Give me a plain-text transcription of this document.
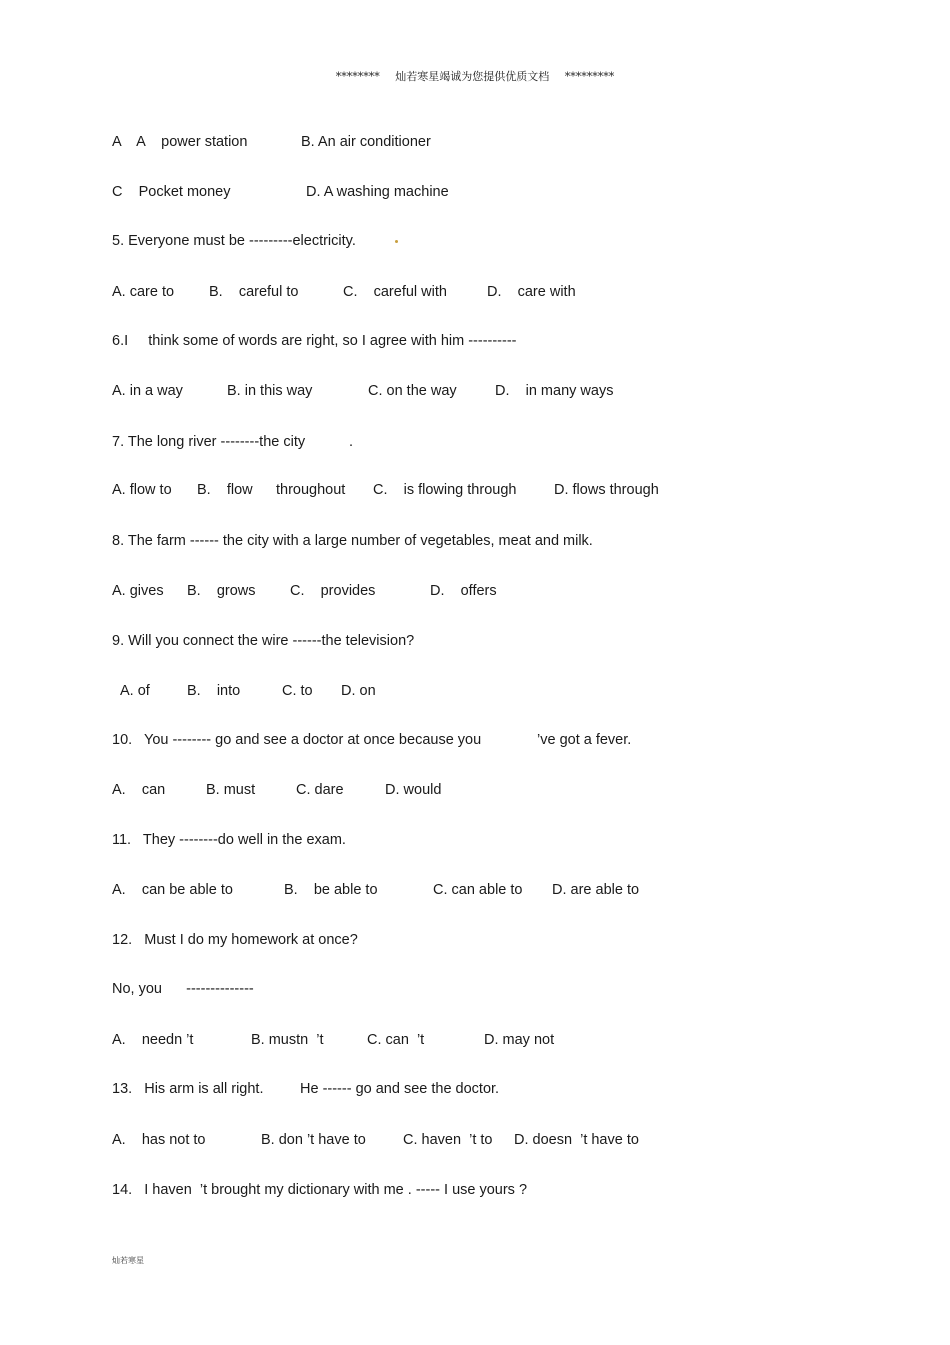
******** 灿若寒星竭诚为您提供优质文档 *********
A    A    power station	B. An air conditioner
C    Pocket money	D. A washing machine
5. Everyone must be ---------electricity.
A. care to B.    careful to	C.    careful with	D.    care with
6.I     think some of words are right, so I agree with him ----------
A. in a way	B. in this way	C. on the way	D.    in many ways
7. The long river --------the city	.
A. flow to B.    flow throughout C.    is flowing through	D. flows through
8. The farm ------ the city with a large number of vegetables, meat and milk.
A. gives B.    grows C.    provides	D.    offers
9. Will you connect the wire ------the television?
A. of	B.    into	C. to D. on
10.   You -------- go and see a doctor at once because you	’ve got a fever.
A.    can	B. must	C. dare	D. would
11.   They --------do well in the exam.
A.    can be able to	B.    be able to	C. can able to D. are able to
12.   Must I do my homework at once?
No, you      --------------
A.    needn ’t	B. mustn  ’t	C. can  ’t	D. may not
13.   His arm is all right.	He ------ go and see the doctor.
A.    has not to	B. don ’t have to	C. haven  ’t to D. doesn  ’t have to
14.   I haven  ’t brought my dictionary with me . ----- I use yours ?
灿若寒星
